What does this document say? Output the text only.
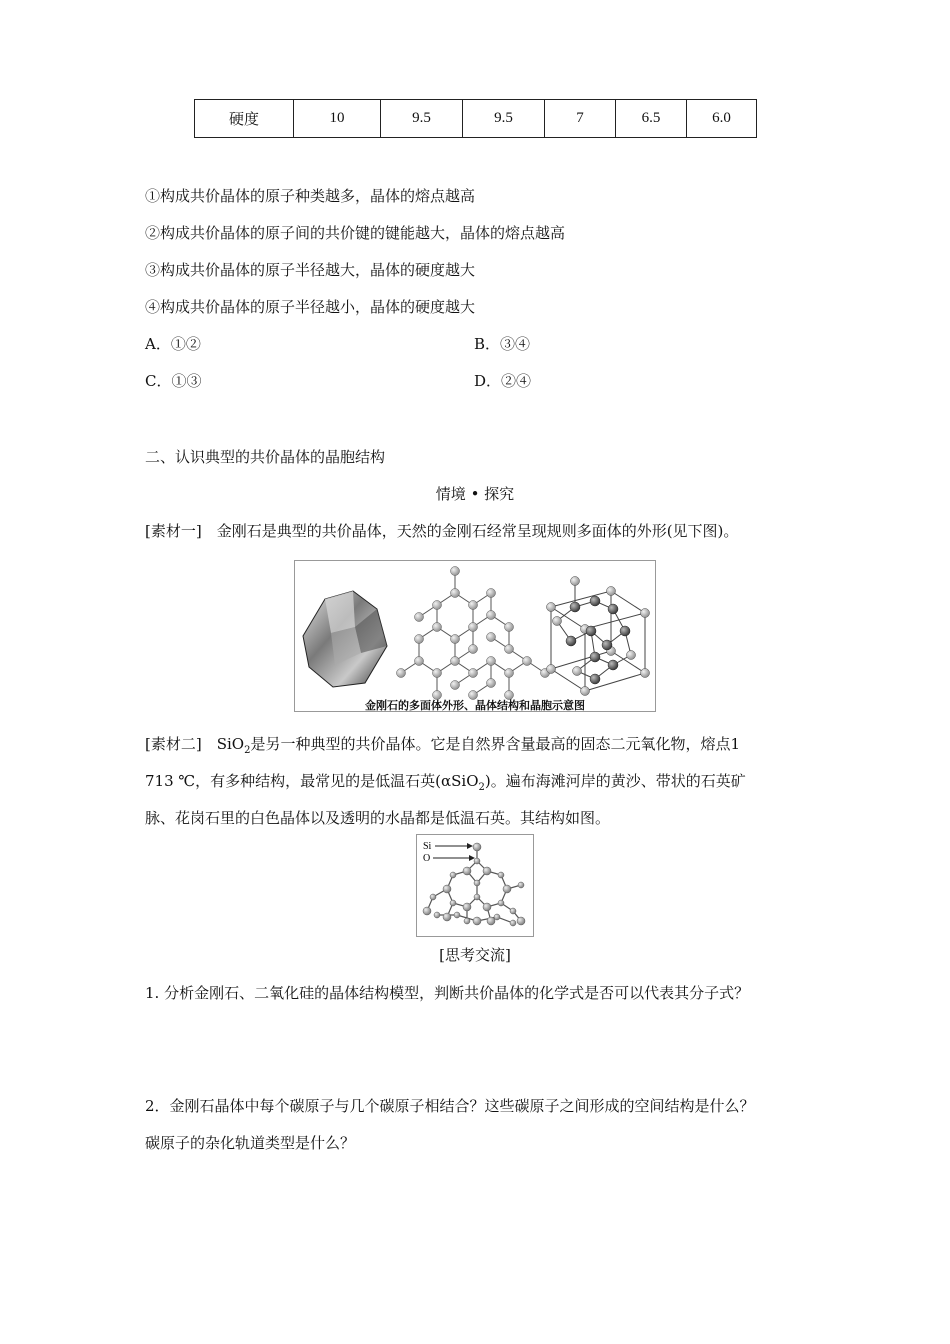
硬度	10	9.5	9.5	7	6.5	6.0
①构成共价晶体的原子种类越多，晶体的熔点越高
②构成共价晶体的原子间的共价键的键能越大，晶体的熔点越高
③构成共价晶体的原子半径越大，晶体的硬度越大
④构成共价晶体的原子半径越小，晶体的硬度越大
A．①②	B．③④
C．①③	D．②④
二、认识典型的共价晶体的晶胞结构
情境 • 探究
[素材一]　金刚石是典型的共价晶体，天然的金刚石经常呈现规则多面体的外形(见下图)。
金刚石的多面体外形、晶体结构和晶胞示意图
[素材二]　SiO$_2$是另一种典型的共价晶体。它是自然界含量最高的固态二元氧化物，熔点1
713 ℃，有多种结构，最常见的是低温石英(αSiO$_2$)。遍布海滩河岸的黄沙、带状的石英矿
脉、花岗石里的白色晶体以及透明的水晶都是低温石英。其结构如图。
Si
O
[思考交流]
1. 分析金刚石、二氧化硅的晶体结构模型，判断共价晶体的化学式是否可以代表其分子式？
2．金刚石晶体中每个碳原子与几个碳原子相结合？这些碳原子之间形成的空间结构是什么？
碳原子的杂化轨道类型是什么？
